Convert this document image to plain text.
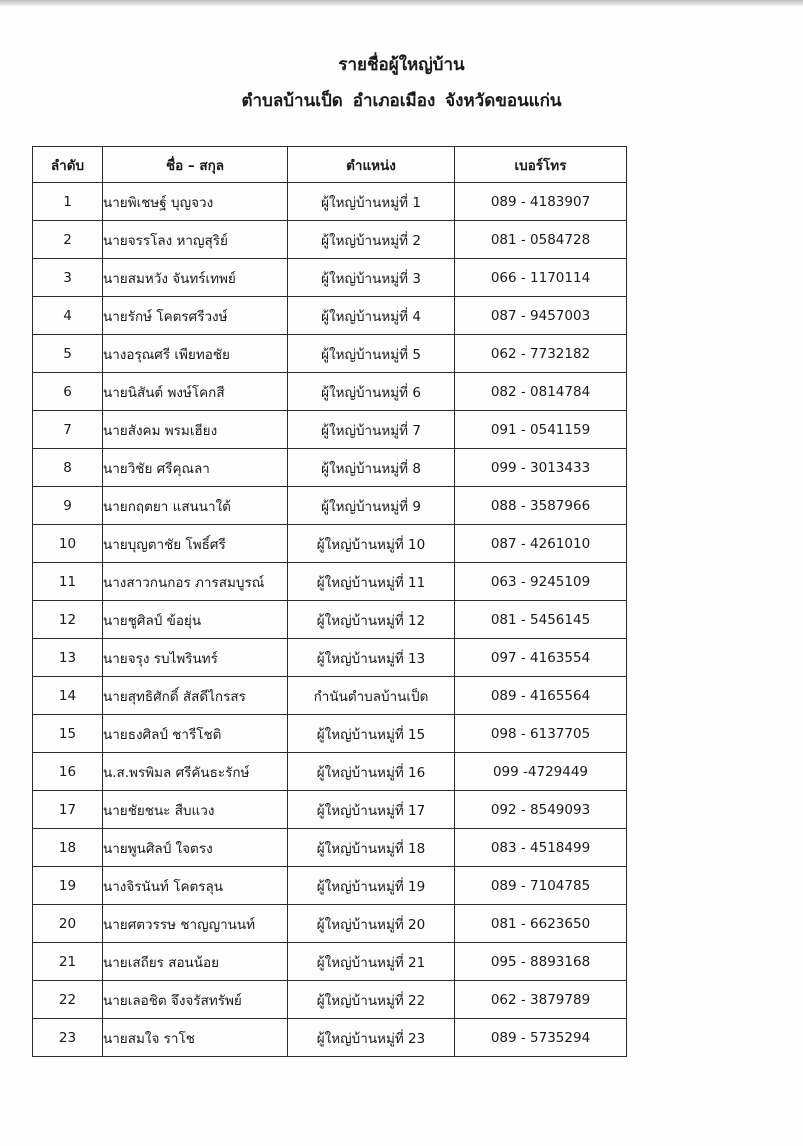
รายชื่อผู้ใหญ่บ้าน
ตำบลบ้านเป็ด อำเภอเมือง จังหวัดขอนแก่น
ลำดับ	ชื่อ – สกุล	ตำแหน่ง	เบอร์โทร
1	นายพิเชษฐ์ บุญจวง	ผู้ใหญ่บ้านหมู่ที่ 1	089 - 4183907
2	นายจรรโลง หาญสุริย์	ผู้ใหญ่บ้านหมู่ที่ 2	081 - 0584728
3	นายสมหวัง จันทร์เทพย์	ผู้ใหญ่บ้านหมู่ที่ 3	066 - 1170114
4	นายรักษ์ โคตรศรีวงษ์	ผู้ใหญ่บ้านหมู่ที่ 4	087 - 9457003
5	นางอรุณศรี เพียทอชัย	ผู้ใหญ่บ้านหมู่ที่ 5	062 - 7732182
6	นายนิสันต์ พงษ์โคกสี	ผู้ใหญ่บ้านหมู่ที่ 6	082 - 0814784
7	นายสังคม พรมเฮียง	ผู้ใหญ่บ้านหมู่ที่ 7	091 - 0541159
8	นายวิชัย ศรีคุณลา	ผู้ใหญ่บ้านหมู่ที่ 8	099 - 3013433
9	นายกฤตยา แสนนาใต้	ผู้ใหญ่บ้านหมู่ที่ 9	088 - 3587966
10	นายบุญตาชัย โพธิ์ศรี	ผู้ใหญ่บ้านหมู่ที่ 10	087 - 4261010
11	นางสาวกนกอร ภารสมบูรณ์	ผู้ใหญ่บ้านหมู่ที่ 11	063 - 9245109
12	นายชูศิลป์ ข้อยุ่น	ผู้ใหญ่บ้านหมู่ที่ 12	081 - 5456145
13	นายจรุง รบไพรินทร์	ผู้ใหญ่บ้านหมู่ที่ 13	097 - 4163554
14	นายสุทธิศักดิ์ สัสดีไกรสร	กำนันตำบลบ้านเป็ด	089 - 4165564
15	นายธงศิลป์ ชารีโชติ	ผู้ใหญ่บ้านหมู่ที่ 15	098 - 6137705
16	น.ส.พรพิมล ศรีคันธะรักษ์	ผู้ใหญ่บ้านหมู่ที่ 16	099 -4729449
17	นายชัยชนะ สืบแวง	ผู้ใหญ่บ้านหมู่ที่ 17	092 - 8549093
18	นายพูนศิลป์ ใจตรง	ผู้ใหญ่บ้านหมู่ที่ 18	083 - 4518499
19	นางจิรนันท์ โคตรลุน	ผู้ใหญ่บ้านหมู่ที่ 19	089 - 7104785
20	นายศตวรรษ ชาญญานนท์	ผู้ใหญ่บ้านหมู่ที่ 20	081 - 6623650
21	นายเสถียร สอนน้อย	ผู้ใหญ่บ้านหมู่ที่ 21	095 - 8893168
22	นายเลอชิต จึงจรัสทรัพย์	ผู้ใหญ่บ้านหมู่ที่ 22	062 - 3879789
23	นายสมใจ ราโช	ผู้ใหญ่บ้านหมู่ที่ 23	089 - 5735294
